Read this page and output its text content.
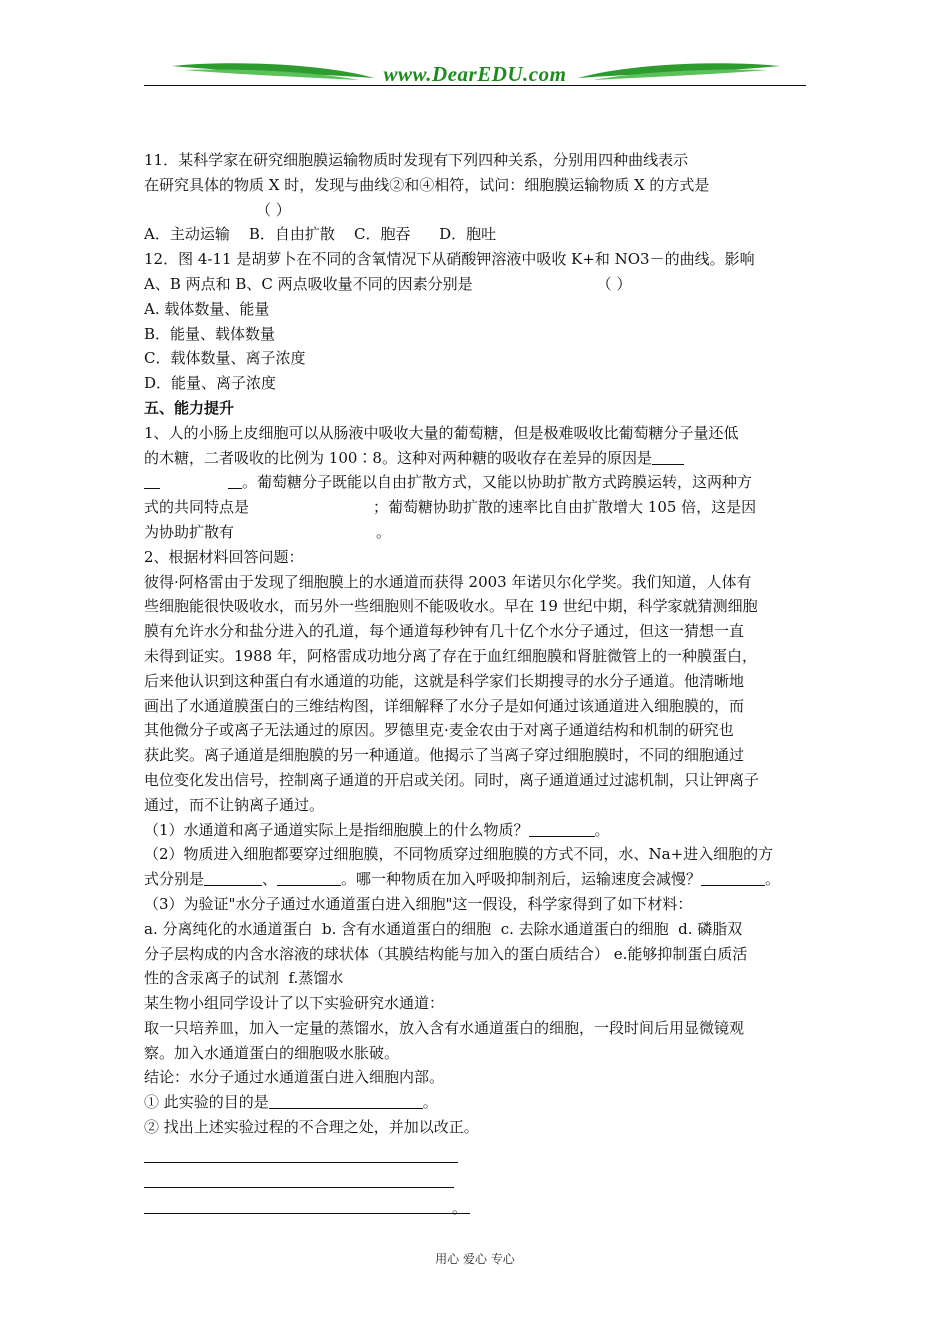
www.DearEDU.com
11．某科学家在研究细胞膜运输物质时发现有下列四种关系，分别用四种曲线表示
在研究具体的物质 X 时，发现与曲线②和④相符，试问：细胞膜运输物质 X 的方式是
（ ）
A．主动运输    B．自由扩散    C．胞吞      D．胞吐
12．图 4-11 是胡萝卜在不同的含氧情况下从硝酸钾溶液中吸收 K+和 NO3－的曲线。影响
A、B 两点和 B、C 两点吸收量不同的因素分别是	（ ）
A. 载体数量、能量
B．能量、载体数量
C．载体数量、离子浓度
D．能量、离子浓度
五、能力提升
1、人的小肠上皮细胞可以从肠液中吸收大量的葡萄糖，但是极难吸收比葡萄糖分子量还低
的木糖，二者吸收的比例为 100∶8。这种对两种糖的吸收存在差异的原因是
。葡萄糖分子既能以自由扩散方式，又能以协助扩散方式跨膜运转，这两种方
式的共同特点是	；葡萄糖协助扩散的速率比自由扩散增大 105 倍，这是因
为协助扩散有	。
2、根据材料回答问题：
彼得·阿格雷由于发现了细胞膜上的水通道而获得 2003 年诺贝尔化学奖。我们知道，人体有
些细胞能很快吸收水，而另外一些细胞则不能吸收水。早在 19 世纪中期，科学家就猜测细胞
膜有允许水分和盐分进入的孔道，每个通道每秒钟有几十亿个水分子通过，但这一猜想一直
未得到证实。1988 年，阿格雷成功地分离了存在于血红细胞膜和肾脏微管上的一种膜蛋白，
后来他认识到这种蛋白有水通道的功能，这就是科学家们长期搜寻的水分子通道。他清晰地
画出了水通道膜蛋白的三维结构图，详细解释了水分子是如何通过该通道进入细胞膜的，而
其他微分子或离子无法通过的原因。罗德里克·麦金农由于对离子通道结构和机制的研究也
获此奖。离子通道是细胞膜的另一种通道。他揭示了当离子穿过细胞膜时，不同的细胞通过
电位变化发出信号，控制离子通道的开启或关闭。同时，离子通道通过过滤机制，只让钾离子
通过，而不让钠离子通过。
（1）水通道和离子通道实际上是指细胞膜上的什么物质？	。
（2）物质进入细胞都要穿过细胞膜，不同物质穿过细胞膜的方式不同，水、Na+进入细胞的方
式分别是	、	。哪一种物质在加入呼吸抑制剂后，运输速度会减慢？	。
（3）为验证"水分子通过水通道蛋白进入细胞"这一假设，科学家得到了如下材料：
a. 分离纯化的水通道蛋白  b. 含有水通道蛋白的细胞  c. 去除水通道蛋白的细胞  d. 磷脂双
分子层构成的内含水溶液的球状体（其膜结构能与加入的蛋白质结合） e.能够抑制蛋白质活
性的含汞离子的试剂  f.蒸馏水
某生物小组同学设计了以下实验研究水通道：
取一只培养皿，加入一定量的蒸馏水，放入含有水通道蛋白的细胞，一段时间后用显微镜观
察。加入水通道蛋白的细胞吸水胀破。
结论：水分子通过水通道蛋白进入细胞内部。
① 此实验的目的是	。
② 找出上述实验过程的不合理之处，并加以改正。
。
用心 爱心 专心
